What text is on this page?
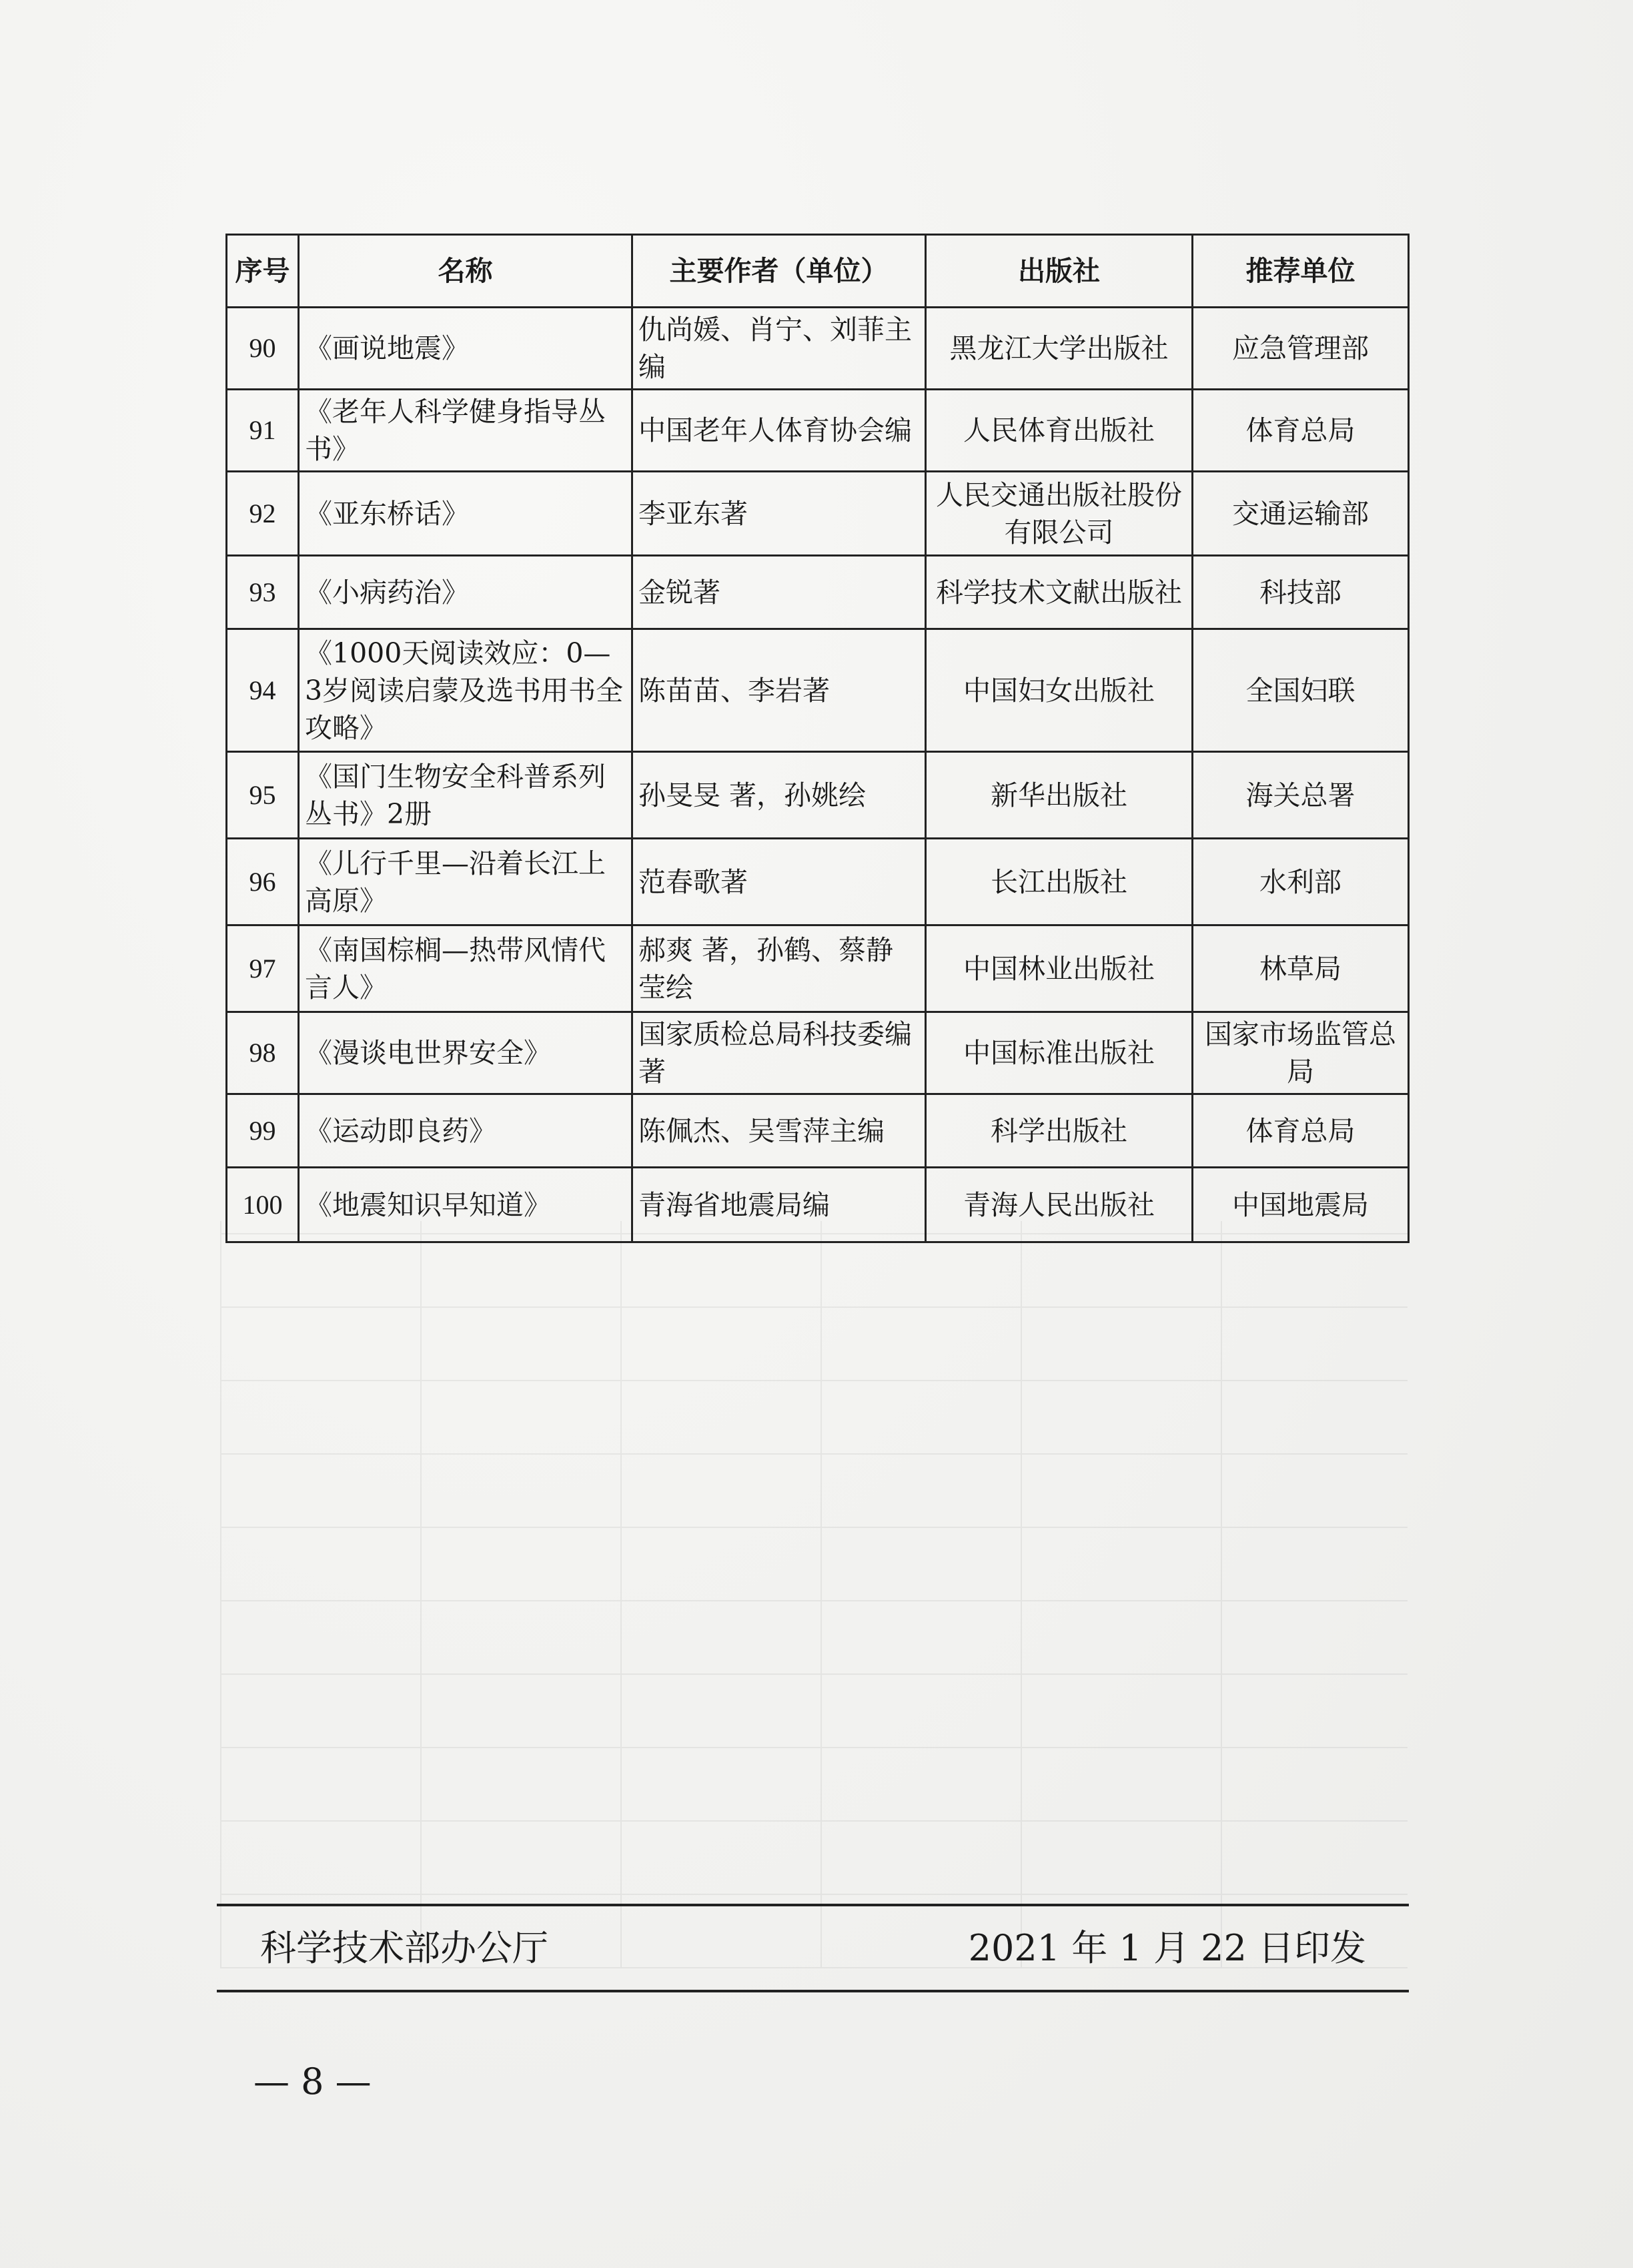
序号	名称	主要作者（单位）	出版社	推荐单位
90	《画说地震》	仇尚媛、肖宁、刘菲主编	黑龙江大学出版社	应急管理部
91	《老年人科学健身指导丛书》	中国老年人体育协会编	人民体育出版社	体育总局
92	《亚东桥话》	李亚东著	人民交通出版社股份有限公司	交通运输部
93	《小病药治》	金锐著	科学技术文献出版社	科技部
94	《1000天阅读效应：0—3岁阅读启蒙及选书用书全攻略》	陈苗苗、李岩著	中国妇女出版社	全国妇联
95	《国门生物安全科普系列丛书》2册	孙旻旻 著，孙姚绘	新华出版社	海关总署
96	《儿行千里—沿着长江上高原》	范春歌著	长江出版社	水利部
97	《南国棕榈—热带风情代言人》	郝爽 著，孙鹤、蔡静莹绘	中国林业出版社	林草局
98	《漫谈电世界安全》	国家质检总局科技委编著	中国标准出版社	国家市场监管总局
99	《运动即良药》	陈佩杰、吴雪萍主编	科学出版社	体育总局
100	《地震知识早知道》	青海省地震局编	青海人民出版社	中国地震局
科学技术部办公厅	2021 年 1 月 22 日印发
— 8 —
